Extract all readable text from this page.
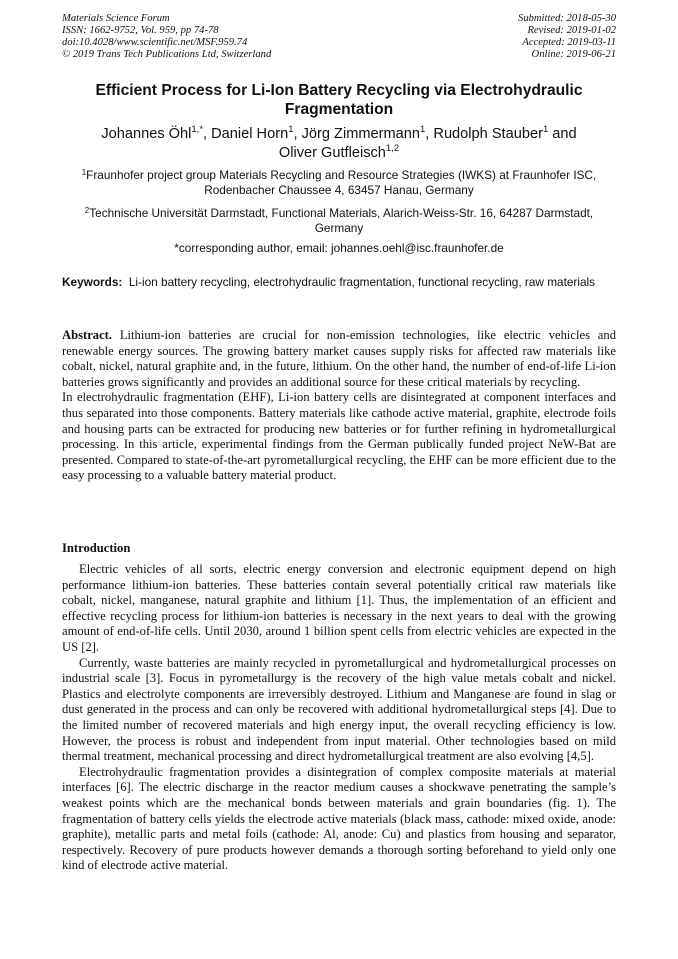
Materials Science Forum
ISSN: 1662-9752, Vol. 959, pp 74-78
doi:10.4028/www.scientific.net/MSF.959.74
© 2019 Trans Tech Publications Ltd, Switzerland
Submitted: 2018-05-30
Revised: 2019-01-02
Accepted: 2019-03-11
Online: 2019-06-21
Efficient Process for Li-Ion Battery Recycling via Electrohydraulic Fragmentation
Johannes Öhl$^{1,*}$, Daniel Horn$^1$, Jörg Zimmermann$^1$, Rudolph Stauber$^1$ and
Oliver Gutfleisch$^{1,2}$
$^1$Fraunhofer project group Materials Recycling and Resource Strategies (IWKS) at Fraunhofer ISC, Rodenbacher Chaussee 4, 63457 Hanau, Germany
$^2$Technische Universität Darmstadt, Functional Materials, Alarich-Weiss-Str. 16, 64287 Darmstadt, Germany
*corresponding author, email: johannes.oehl@isc.fraunhofer.de
Keywords: Li-ion battery recycling, electrohydraulic fragmentation, functional recycling, raw materials

Abstract. Lithium-ion batteries are crucial for non-emission technologies, like electric vehicles and renewable energy sources. The growing battery market causes supply risks for affected raw materials like cobalt, nickel, natural graphite and, in the future, lithium. On the other hand, the number of end-of-life Li-ion batteries grows significantly and provides an additional source for these critical materials by recycling.

In electrohydraulic fragmentation (EHF), Li-ion battery cells are disintegrated at component interfaces and thus separated into those components. Battery materials like cathode active material, graphite, electrode foils and housing parts can be extracted for producing new batteries or for further refining in hydrometallurgical processing. In this article, experimental findings from the German publically funded project NeW-Bat are presented. Compared to state-of-the-art pyrometallurgical recycling, the EHF can be more efficient due to the easy processing to a valuable battery material product.

Introduction

Electric vehicles of all sorts, electric energy conversion and electronic equipment depend on high performance lithium-ion batteries. These batteries contain several potentially critical raw materials like cobalt, nickel, manganese, natural graphite and lithium [1]. Thus, the implementation of an efficient and effective recycling process for lithium-ion batteries is necessary in the next years to deal with the growing amount of end-of-life cells. Until 2030, around 1 billion spent cells from electric vehicles are expected in the US [2].

Currently, waste batteries are mainly recycled in pyrometallurgical and hydrometallurgical processes on industrial scale [3]. Focus in pyrometallurgy is the recovery of the high value metals cobalt and nickel. Plastics and electrolyte components are irreversibly destroyed. Lithium and Manganese are found in slag or dust generated in the process and can only be recovered with additional hydrometallurgical steps [4]. Due to the limited number of recovered materials and high energy input, the overall recycling efficiency is low. However, the process is robust and independent from input material. Other technologies based on mild thermal treatment, mechanical processing and direct hydrometallurgical treatment are also evolving [4,5].

Electrohydraulic fragmentation provides a disintegration of complex composite materials at material interfaces [6]. The electric discharge in the reactor medium causes a shockwave penetrating the sample’s weakest points which are the mechanical bonds between materials and grain boundaries (fig. 1). The fragmentation of battery cells yields the electrode active materials (black mass, cathode: mixed oxide, anode: graphite), metallic parts and metal foils (cathode: Al, anode: Cu) and plastics from housing and separator, respectively. Recovery of pure products however demands a thorough sorting beforehand to yield only one kind of electrode active material.
